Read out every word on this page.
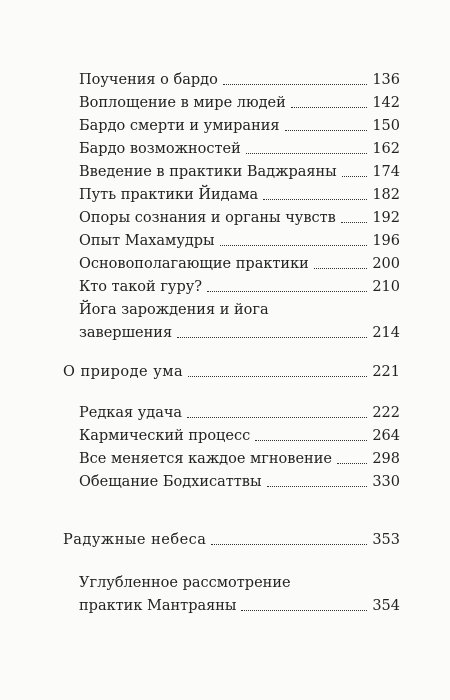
Поучения о бардо	136
Воплощение в мире людей	142
Бардо смерти и умирания	150
Бардо возможностей	162
Введение в практики Ваджраяны 174
Путь практики Йидама	182
Опоры сознания и органы чувств	192
Опыт Махамудры	196
Основополагающие практики	200
Кто такой гуру?	210
Йога зарождения и йога
завершения	214
О природе ума	221
Редкая удача	222
Кармический процесс	264
Все меняется каждое мгновение	298
Обещание Бодхисаттвы	330
Радужные небеса	353
Углубленное рассмотрение
практик Мантраяны	354
